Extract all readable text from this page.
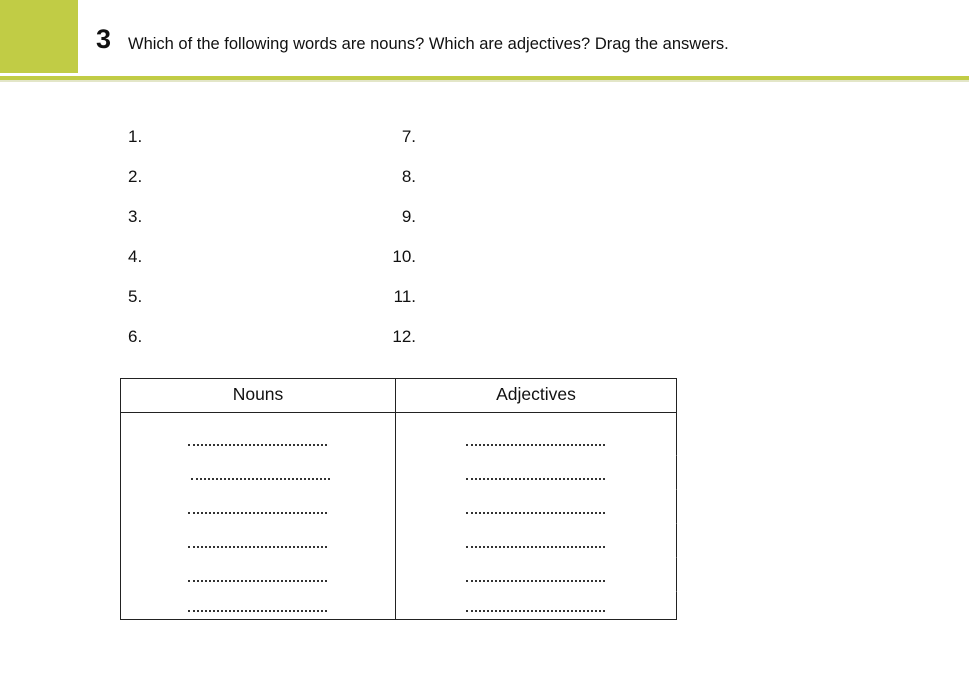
3 Which of the following words are nouns? Which are adjectives? Drag the answers.
1.
2.
3.
4.
5.
6.
7.
8.
9.
10.
11.
12.
Nouns	Adjectives
